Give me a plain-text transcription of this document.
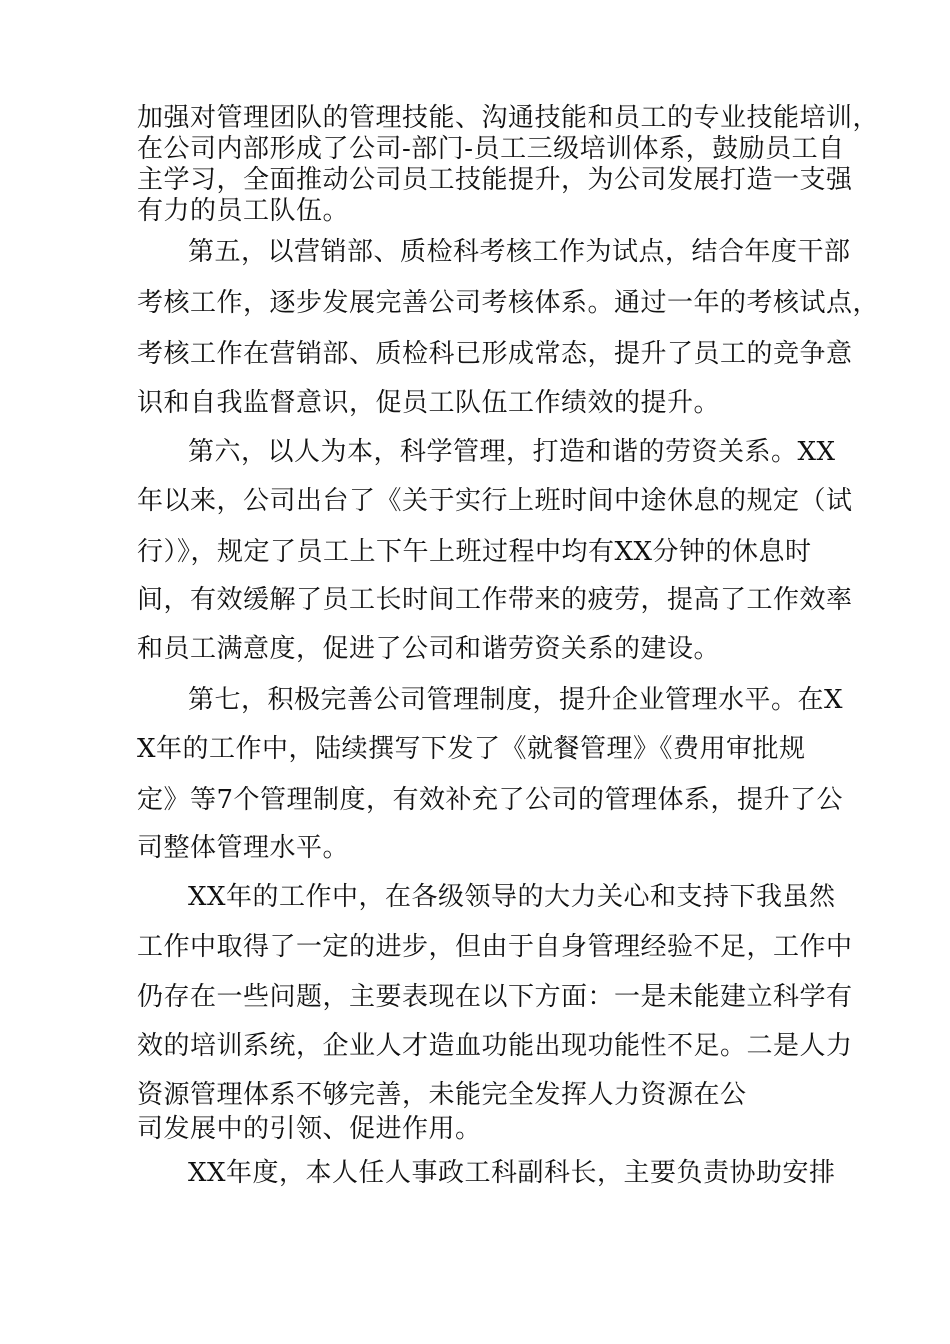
加强对管理团队的管理技能、沟通技能和员工的专业技能培训，
在公司内部形成了公司-部门-员工三级培训体系，鼓励员工自
主学习，全面推动公司员工技能提升，为公司发展打造一支强
有力的员工队伍。
第五，以营销部、质检科考核工作为试点，结合年度干部
考核工作，逐步发展完善公司考核体系。通过一年的考核试点，
考核工作在营销部、质检科已形成常态，提升了员工的竞争意
识和自我监督意识，促员工队伍工作绩效的提升。
第六，以人为本，科学管理，打造和谐的劳资关系。XX
年以来，公司出台了《关于实行上班时间中途休息的规定（试
行）》，规定了员工上下午上班过程中均有XX分钟的休息时
间，有效缓解了员工长时间工作带来的疲劳，提高了工作效率
和员工满意度，促进了公司和谐劳资关系的建设。
第七，积极完善公司管理制度，提升企业管理水平。在X
X年的工作中，陆续撰写下发了《就餐管理》《费用审批规
定》等7个管理制度，有效补充了公司的管理体系，提升了公
司整体管理水平。
XX年的工作中，在各级领导的大力关心和支持下我虽然
工作中取得了一定的进步，但由于自身管理经验不足，工作中
仍存在一些问题，主要表现在以下方面：一是未能建立科学有
效的培训系统，企业人才造血功能出现功能性不足。二是人力
资源管理体系不够完善，未能完全发挥人力资源在公
司发展中的引领、促进作用。
XX年度，本人任人事政工科副科长，主要负责协助安排
